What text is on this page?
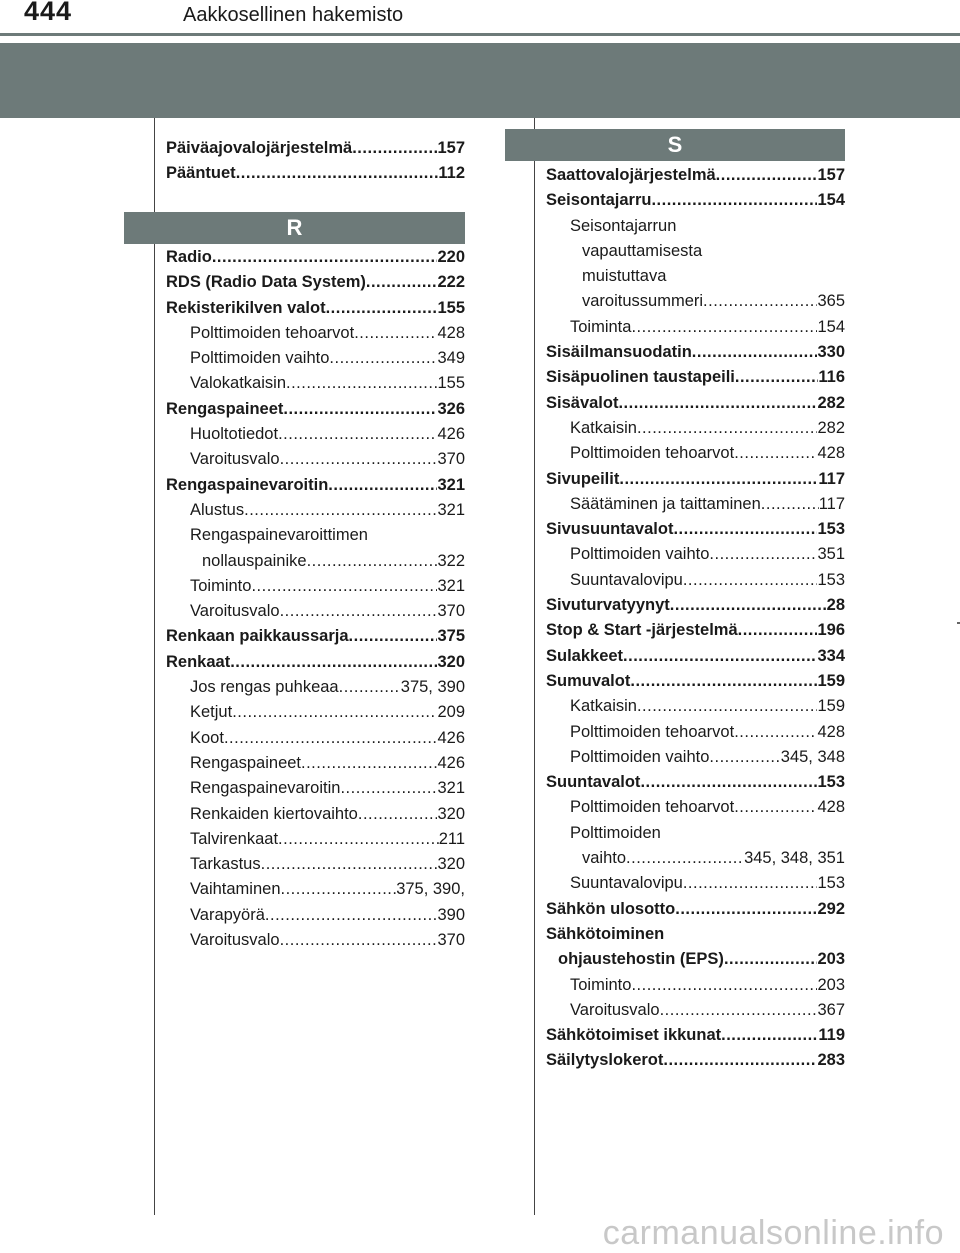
444	Aakkosellinen hakemisto
R
S
Päiväajovalojärjestelmä .....	157
Pääntuet .....	112
Radio .....	220
RDS (Radio Data System) .....	222
Rekisterikilven valot .....	155
Polttimoiden tehoarvot .....	428
Polttimoiden vaihto .....	349
Valokatkaisin .....	155
Rengaspaineet .....	326
Huoltotiedot .....	426
Varoitusvalo .....	370
Rengaspainevaroitin .....	321
Alustus .....	321
Rengaspainevaroittimen
nollauspainike .....	322
Toiminto .....	321
Varoitusvalo .....	370
Renkaan paikkaussarja .....	375
Renkaat .....	320
Jos rengas puhkeaa .....	375, 390
Ketjut .....	209
Koot .....	426
Rengaspaineet .....	426
Rengaspainevaroitin .....	321
Renkaiden kiertovaihto .....	320
Talvirenkaat .....	211
Tarkastus .....	320
Vaihtaminen .....	375, 390,
Varapyörä .....	390
Varoitusvalo .....	370
Saattovalojärjestelmä .....	157
Seisontajarru .....	154
Seisontajarrun
vapauttamisesta
muistuttava
varoitussummeri .....	365
Toiminta .....	154
Sisäilmansuodatin .....	330
Sisäpuolinen taustapeili .....	116
Sisävalot .....	282
Katkaisin .....	282
Polttimoiden tehoarvot .....	428
Sivupeilit .....	117
Säätäminen ja taittaminen .....	117
Sivusuuntavalot .....	153
Polttimoiden vaihto .....	351
Suuntavalovipu .....	153
Sivuturvatyynyt .....	28
Stop & Start -järjestelmä .....	196
Sulakkeet .....	334
Sumuvalot .....	159
Katkaisin .....	159
Polttimoiden tehoarvot .....	428
Polttimoiden vaihto .....	345, 348
Suuntavalot .....	153
Polttimoiden tehoarvot .....	428
Polttimoiden
vaihto .....	345, 348, 351
Suuntavalovipu .....	153
Sähkön ulosotto .....	292
Sähkötoiminen
ohjaustehostin (EPS) .....	203
Toiminto .....	203
Varoitusvalo .....	367
Sähkötoimiset ikkunat .....	119
Säilytyslokerot .....	283
carmanualsonline.info
